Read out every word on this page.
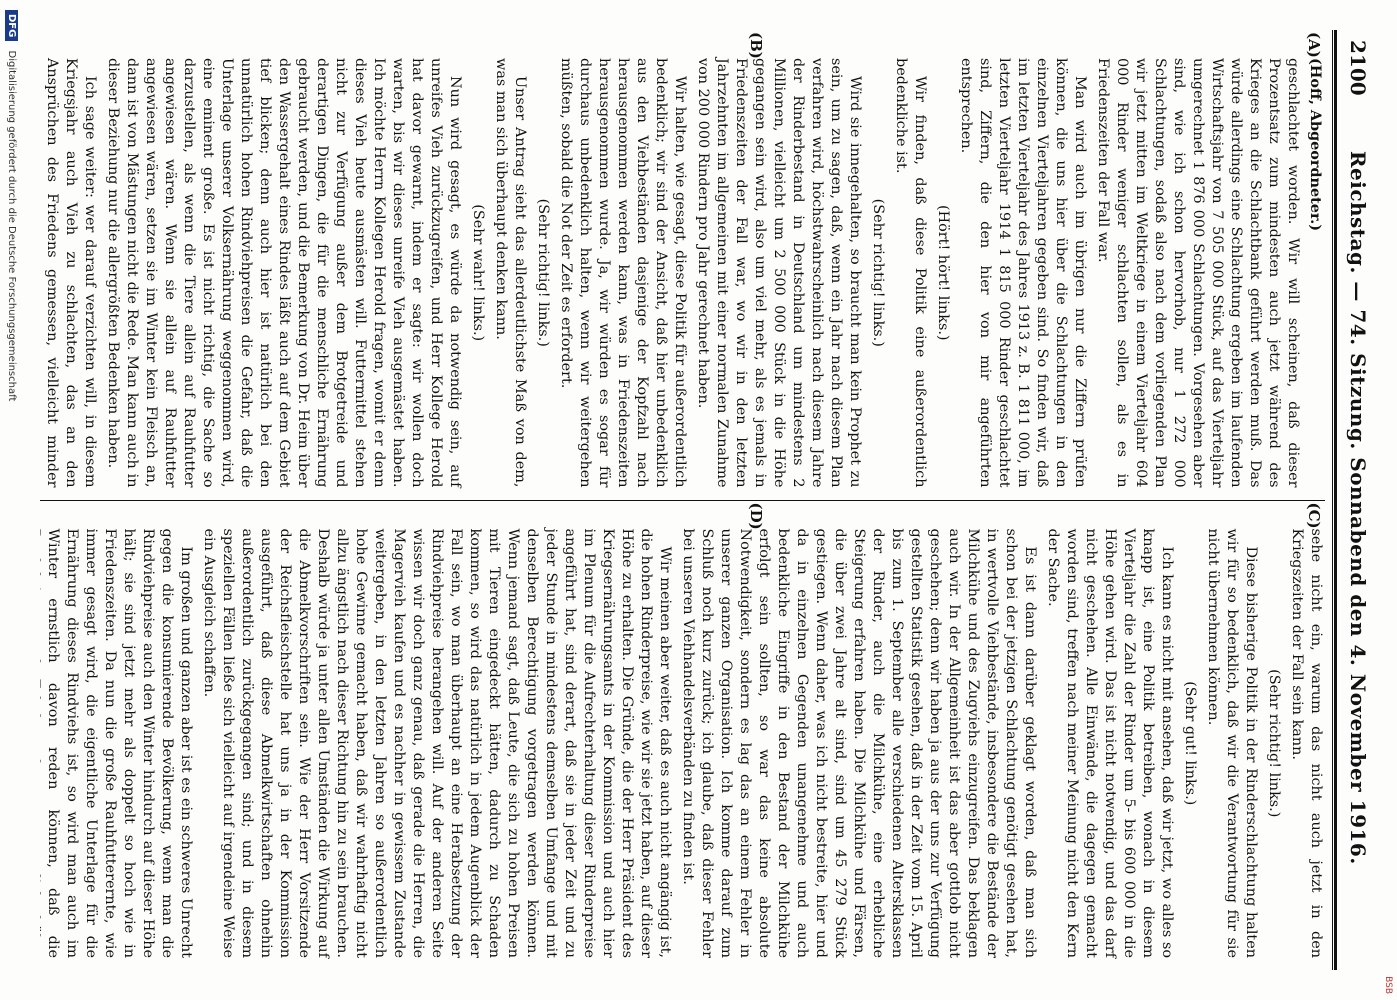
BSB
2100
Reichstag. — 74. Sitzung. Sonnabend den 4. November 1916.
(A)
(B)

(Hoff, Abgeordneter.)

geschlachtet worden. Wir will scheinen, daß dieser Prozentsatz zum mindesten auch jetzt während des Krieges an die Schlachtbank geführt werden muß. Das würde allerdings eine Schlachtung ergeben im laufenden Wirtschaftsjahr von 7 505 000 Stück, auf das Vierteljahr umgerechnet 1 876 000 Schlachtungen. Vorgesehen aber sind, wie ich schon hervorhob, nur 1 272 000 Schlachtungen, sodaß also nach dem vorliegenden Plan wir jetzt mitten im Weltkriege in einem Vierteljahr 604 000 Rinder weniger schlachten sollen, als es in Friedenszeiten der Fall war.

Man wird auch im übrigen nur die Ziffern prüfen können, die uns hier über die Schlachtungen in den einzelnen Vierteljahren gegeben sind. So finden wir, daß im letzten Vierteljahr des Jahres 1913 z. B. 1 811 000, im letzten Vierteljahr 1914 1 815 000 Rinder geschlachtet sind, Ziffern, die den hier von mir angeführten entsprechen.

(Hört! hört! links.)

Wir finden, daß diese Politik eine außerordentlich bedenkliche ist.

(Sehr richtig! links.)

Wird sie innegehalten, so braucht man kein Prophet zu sein, um zu sagen, daß, wenn ein Jahr nach diesem Plan verfahren wird, höchstwahrscheinlich nach diesem Jahre der Rinderbestand in Deutschland um mindestens 2 Millionen, vielleicht um 2 500 000 Stück in die Höhe gegangen sein wird, also um viel mehr, als es jemals in Friedenszeiten der Fall war, wo wir in den letzten Jahrzehnten im allgemeinen mit einer normalen Zunahme von 200 000 Rindern pro Jahr gerechnet haben.

Wir halten, wie gesagt, diese Politik für außerordentlich bedenklich; wir sind der Ansicht, daß hier unbedenklich aus den Viehbeständen dasjenige der Kopfzahl nach herausgenommen werden kann, was in Friedenszeiten herausgenommen wurde. Ja, wir würden es sogar für durchaus unbedenklich halten, wenn wir weitergehen müßten, sobald die Not der Zeit es erfordert.

(Sehr richtig! links.)

Unser Antrag sieht das allerdeutlichste Maß von dem, was man sich überhaupt denken kann.

(Sehr wahr! links.)

Nun wird gesagt, es würde da notwendig sein, auf unreifes Vieh zurückzugreifen, und Herr Kollege Herold hat davor gewarnt, indem er sagte: wir wollen doch warten, bis wir dieses unreife Vieh ausgemästet haben. Ich möchte Herrn Kollegen Herold fragen, womit er denn dieses Vieh heute ausmästen will. Futtermittel stehen nicht zur Verfügung außer dem Brotgetreide und derartigen Dingen, die für die menschliche Ernährung gebraucht werden, und die Bemerkung von Dr. Heim über den Wassergehalt eines Rindes läßt auch auf dem Gebiet tief blicken; denn auch hier ist natürlich bei den unnatürlich hohen Rindviehpreisen die Gefahr, daß die Unterlage unserer Volksernährung weggenommen wird, eine eminent große. Es ist nicht richtig, die Sache so darzustellen, als wenn die Tiere allein auf Rauhfutter angewiesen wären. Wenn sie allein auf Rauhfutter angewiesen wären, setzen sie im Winter kein Fleisch an, dann ist von Mästungen nicht die Rede. Man kann auch in dieser Beziehung nur die allergrößten Bedenken haben.

Ich sage weiter: wer darauf verzichten will, in diesem Kriegsjahr auch Vieh zu schlachten, das an den Ansprüchen des Friedens gemessen, vielleicht minder

(C)
(D)

sehe nicht ein, warum das nicht auch jetzt in den Kriegszeiten der Fall sein kann.

(Sehr richtig! links.)

Diese bisherige Politik in der Rinderschlachtung halten wir für so bedenklich, daß wir die Verantwortung für sie nicht übernehmen können.

(Sehr gut! links.)

Ich kann es nicht mit ansehen, daß wir jetzt, wo alles so knapp ist, eine Politik betreiben, wonach in diesem Vierteljahr die Zahl der Rinder um 5- bis 600 000 in die Höhe gehen wird. Das ist nicht notwendig, und das darf nicht geschehen. Alle Einwände, die dagegen gemacht worden sind, treffen nach meiner Meinung nicht den Kern der Sache.

Es ist dann darüber geklagt worden, daß man sich schon bei der jetzigen Schlachtung genötigt gesehen hat, in wertvolle Viehbestände, insbesondere die Bestände der Milchkühe und des Zugviehs einzugreifen. Das beklagen auch wir. In der Allgemeinheit ist das aber gottlob nicht geschehen; denn wir haben ja aus der uns zur Verfügung gestellten Statistik gesehen, daß in der Zeit vom 15. April bis zum 1. September alle verschiedenen Altersklassen der Rinder, auch die Milchkühe, eine erhebliche Steigerung erfahren haben. Die Milchkühe und Färsen, die über zwei Jahre alt sind, sind um 45 279 Stück gestiegen. Wenn daher, was ich nicht bestreite, hier und da in einzelnen Gegenden unangenehme und auch bedenkliche Eingriffe in den Bestand der Milchkühe erfolgt sein sollten, so war das keine absolute Notwendigkeit, sondern es lag das an einem Fehler in unserer ganzen Organisation. Ich komme darauf zum Schluß noch kurz zurück; ich glaube, daß dieser Fehler bei unseren Viehhandelsverbänden zu finden ist.

Wir meinen aber weiter, daß es auch nicht angängig ist, die hohen Rinderpreise, wie wir sie jetzt haben, auf dieser Höhe zu erhalten. Die Gründe, die der Herr Präsident des Kriegsernährungsamts in der Kommission und auch hier im Plenum für die Aufrechterhaltung dieser Rinderpreise angeführt hat, sind derart, daß sie in jeder Zeit und zu jeder Stunde in mindestens demselben Umfange und mit denselben Berechtigung vorgetragen werden können. Wenn jemand sagt, daß Leute, die sich zu hohen Preisen mit Tieren eingedeckt hätten, dadurch zu Schaden kommen, so wird das natürlich in jedem Augenblick der Fall sein, wo man überhaupt an eine Herabsetzung der Rindviehpreise herangehen will. Auf der anderen Seite wissen wir doch ganz genau, daß gerade die Herren, die Magervieh kaufen und es nachher in gewissem Zustande weitergeben, in den letzten Jahren so außerordentlich hohe Gewinne gemacht haben, daß wir wahrhaftig nicht allzu ängstlich nach dieser Richtung hin zu sein brauchen. Deshalb würde ja unter allen Umständen die Wirkung auf die Abmelkvorschriften sein. Wie der Herr Vorsitzende der Reichsfleischstelle hat uns ja in der Kommission ausgeführt, daß diese Abmelkwirtschaften ohnehin außerordentlich zurückgegangen sind; und in diesem speziellen Fällen ließe sich vielleicht auf irgendeine Weise ein Ausgleich schaffen.

Im großen und ganzen aber ist es ein schweres Unrecht gegen die konsumierende Bevölkerung, wenn man die Rindviehpreise auch den Winter hindurch auf dieser Höhe hält; sie sind jetzt mehr als doppelt so hoch wie in Friedenszeiten. Da nun die große Rauhfutterernte, wie immer gesagt wird, die eigentliche Unterlage für die Ernährung dieses Rindviehs ist, so wird man auch im Winter ernstlich davon reden können, daß die Produktions- und Erhaltungskosten wesentlich höher

DFG Digitalisierung gefördert durch die Deutsche Forschungsgemeinschaft
